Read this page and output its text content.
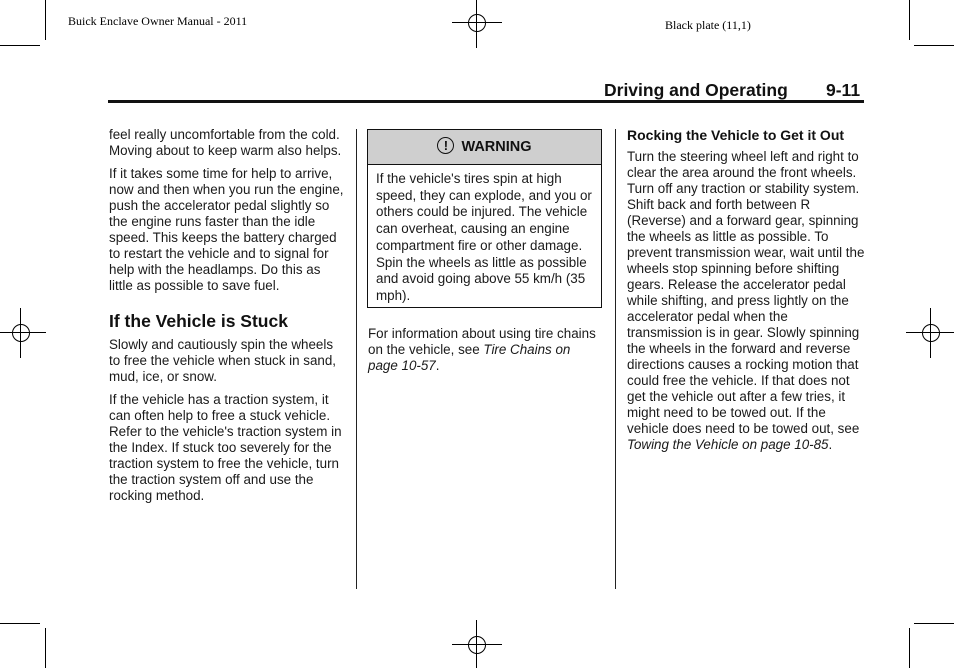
Buick Enclave Owner Manual - 2011	Black plate (11,1)
Driving and Operating 9-11

feel really uncomfortable from the cold. Moving about to keep warm also helps.

If it takes some time for help to arrive, now and then when you run the engine, push the accelerator pedal slightly so the engine runs faster than the idle speed. This keeps the battery charged to restart the vehicle and to signal for help with the headlamps. Do this as little as possible to save fuel.

If the Vehicle is Stuck

Slowly and cautiously spin the wheels to free the vehicle when stuck in sand, mud, ice, or snow.

If the vehicle has a traction system, it can often help to free a stuck vehicle. Refer to the vehicle's traction system in the Index. If stuck too severely for the traction system to free the vehicle, turn the traction system off and use the rocking method.

! WARNING
If the vehicle's tires spin at high speed, they can explode, and you or others could be injured. The vehicle can overheat, causing an engine compartment fire or other damage. Spin the wheels as little as possible and avoid going above 55 km/h (35 mph).
For information about using tire chains on the vehicle, see Tire Chains on page 10-57.
Rocking the Vehicle to Get it Out

Turn the steering wheel left and right to clear the area around the front wheels. Turn off any traction or stability system. Shift back and forth between R (Reverse) and a forward gear, spinning the wheels as little as possible. To prevent transmission wear, wait until the wheels stop spinning before shifting gears. Release the accelerator pedal while shifting, and press lightly on the accelerator pedal when the transmission is in gear. Slowly spinning the wheels in the forward and reverse directions causes a rocking motion that could free the vehicle. If that does not get the vehicle out after a few tries, it might need to be towed out. If the vehicle does need to be towed out, see Towing the Vehicle on page 10-85.
